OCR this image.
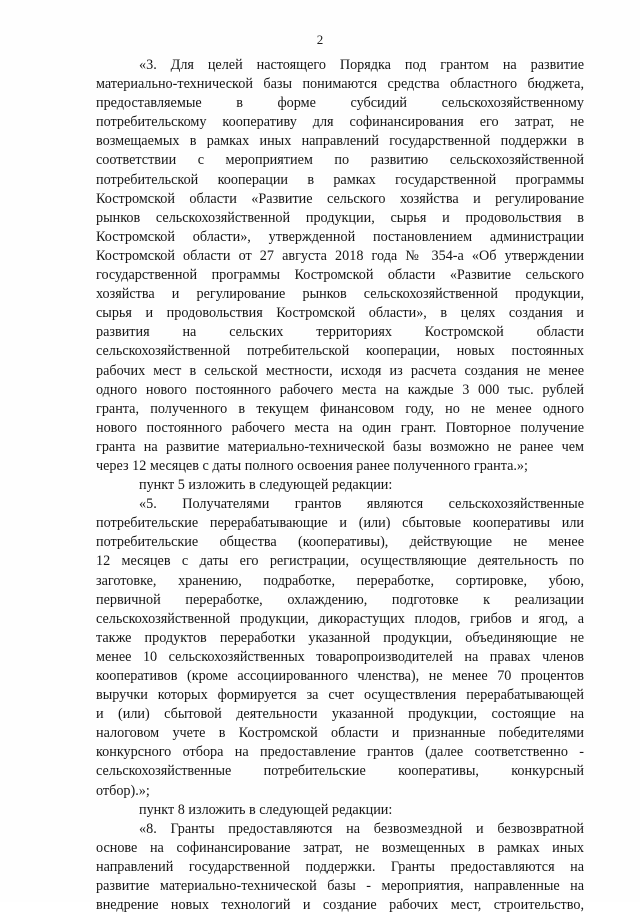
2
«3. Для целей настоящего Порядка под грантом на развитие
материально-технической базы понимаются средства областного бюджета,
предоставляемые в форме субсидий сельскохозяйственному
потребительскому кооперативу для софинансирования его затрат, не
возмещаемых в рамках иных направлений государственной поддержки в
соответствии с мероприятием по развитию сельскохозяйственной
потребительской кооперации в рамках государственной программы
Костромской области «Развитие сельского хозяйства и регулирование
рынков сельскохозяйственной продукции, сырья и продовольствия в
Костромской области», утвержденной постановлением администрации
Костромской области от 27 августа 2018 года № 354-а «Об утверждении
государственной программы Костромской области «Развитие сельского
хозяйства и регулирование рынков сельскохозяйственной продукции,
сырья и продовольствия Костромской области», в целях создания и
развития на сельских территориях Костромской области
сельскохозяйственной потребительской кооперации, новых постоянных
рабочих мест в сельской местности, исходя из расчета создания не менее
одного нового постоянного рабочего места на каждые 3 000 тыс. рублей
гранта, полученного в текущем финансовом году, но не менее одного
нового постоянного рабочего места на один грант. Повторное получение
гранта на развитие материально-технической базы возможно не ранее чем
через 12 месяцев с даты полного освоения ранее полученного гранта.»;
пункт 5 изложить в следующей редакции:
«5. Получателями грантов являются сельскохозяйственные
потребительские перерабатывающие и (или) сбытовые кооперативы или
потребительские общества (кооперативы), действующие не менее
12 месяцев с даты его регистрации, осуществляющие деятельность по
заготовке, хранению, подработке, переработке, сортировке, убою,
первичной переработке, охлаждению, подготовке к реализации
сельскохозяйственной продукции, дикорастущих плодов, грибов и ягод, а
также продуктов переработки указанной продукции, объединяющие не
менее 10 сельскохозяйственных товаропроизводителей на правах членов
кооперативов (кроме ассоциированного членства), не менее 70 процентов
выручки которых формируется за счет осуществления перерабатывающей
и (или) сбытовой деятельности указанной продукции, состоящие на
налоговом учете в Костромской области и признанные победителями
конкурсного отбора на предоставление грантов (далее соответственно -
сельскохозяйственные потребительские кооперативы, конкурсный
отбор).»;
пункт 8 изложить в следующей редакции:
«8. Гранты предоставляются на безвозмездной и безвозвратной
основе на софинансирование затрат, не возмещенных в рамках иных
направлений государственной поддержки. Гранты предоставляются на
развитие материально-технической базы - мероприятия, направленные на
внедрение новых технологий и создание рабочих мест, строительство,
